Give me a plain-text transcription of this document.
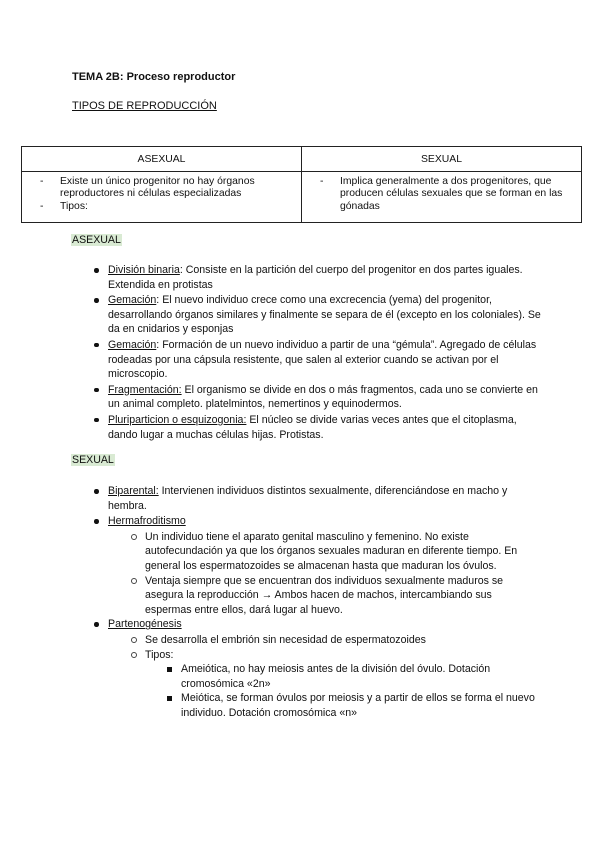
TEMA 2B: Proceso reproductor
TIPOS DE REPRODUCCIÓN
ASEXUAL	SEXUAL

- Existe un único progenitor no hay órganos reproductores ni células especializadas
- Tipos:

- Implica generalmente a dos progenitores, que producen células sexuales que se forman en las gónadas
ASEXUAL
División binaria: Consiste en la partición del cuerpo del progenitor en dos partes iguales. Extendida en protistas
Gemación: El nuevo individuo crece como una excrecencia (yema) del progenitor, desarrollando órganos similares y finalmente se separa de él (excepto en los coloniales). Se da en cnidarios y esponjas
Gemación: Formación de un nuevo individuo a partir de una “gémula”. Agregado de células rodeadas por una cápsula resistente, que salen al exterior cuando se activan por el microscopio.
Fragmentación: El organismo se divide en dos o más fragmentos, cada uno se convierte en un animal completo. platelmintos, nemertinos y equinodermos.
Pluriparticion o esquizogonia: El núcleo se divide varias veces antes que el citoplasma, dando lugar a muchas células hijas. Protistas.
SEXUAL
Biparental: Intervienen individuos distintos sexualmente, diferenciándose en macho y hembra.
Hermafroditismo
Un individuo tiene el aparato genital masculino y femenino. No existe autofecundación ya que los órganos sexuales maduran en diferente tiempo. En general los espermatozoides se almacenan hasta que maduran los óvulos.
Ventaja siempre que se encuentran dos individuos sexualmente maduros se asegura la reproducción → Ambos hacen de machos, intercambiando sus espermas entre ellos, dará lugar al huevo.
Partenogénesis
Se desarrolla el embrión sin necesidad de espermatozoides
Tipos:
Ameiótica, no hay meiosis antes de la división del óvulo. Dotación cromosómica «2n»
Meiótica, se forman óvulos por meiosis y a partir de ellos se forma el nuevo individuo. Dotación cromosómica «n»
